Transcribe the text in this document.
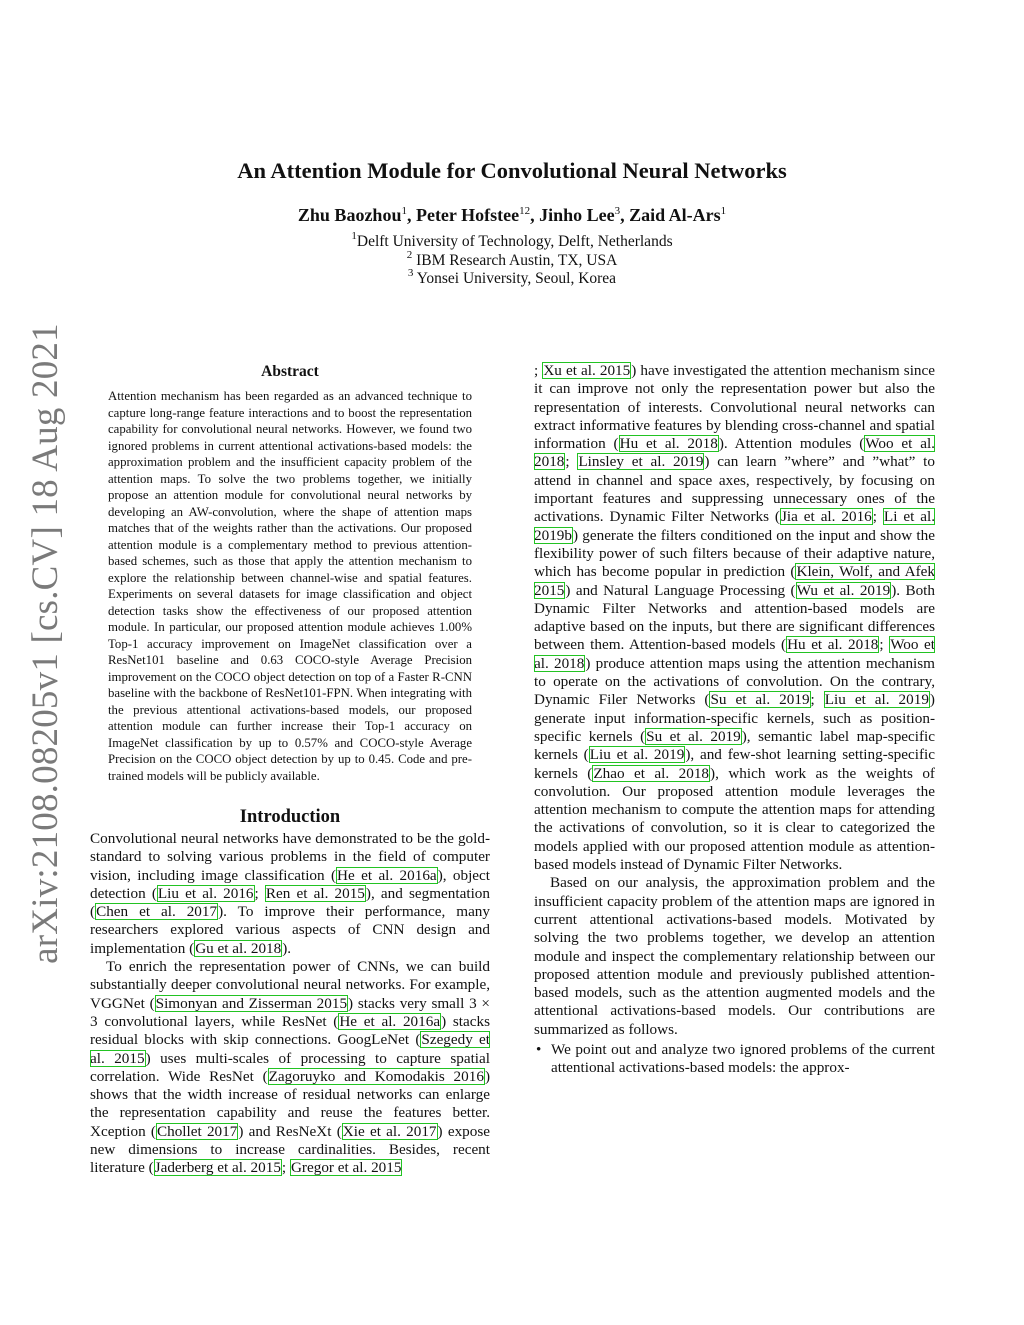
arXiv:2108.08205v1 [cs.CV] 18 Aug 2021
An Attention Module for Convolutional Neural Networks
Zhu Baozhou$^1$, Peter Hofstee$^{12}$, Jinho Lee$^3$, Zaid Al-Ars$^1$
$^1$Delft University of Technology, Delft, Netherlands
$^2$ IBM Research Austin, TX, USA
$^3$ Yonsei University, Seoul, Korea
Abstract

Attention mechanism has been regarded as an advanced technique to capture long-range feature interactions and to boost the representation capability for convolutional neural networks. However, we found two ignored problems in current attentional activations-based models: the approximation problem and the insufficient capacity problem of the attention maps. To solve the two problems together, we initially propose an attention module for convolutional neural networks by developing an AW-convolution, where the shape of attention maps matches that of the weights rather than the activations. Our proposed attention module is a complementary method to previous attention-based schemes, such as those that apply the attention mechanism to explore the relationship between channel-wise and spatial features. Experiments on several datasets for image classification and object detection tasks show the effectiveness of our proposed attention module. In particular, our proposed attention module achieves 1.00% Top-1 accuracy improvement on ImageNet classification over a ResNet101 baseline and 0.63 COCO-style Average Precision improvement on the COCO object detection on top of a Faster R-CNN baseline with the backbone of ResNet101-FPN. When integrating with the previous attentional activations-based models, our proposed attention module can further increase their Top-1 accuracy on ImageNet classification by up to 0.57% and COCO-style Average Precision on the COCO object detection by up to 0.45. Code and pre-trained models will be publicly available.

Introduction

Convolutional neural networks have demonstrated to be the gold-standard to solving various problems in the field of computer vision, including image classification (He et al. 2016a), object detection (Liu et al. 2016; Ren et al. 2015), and segmentation (Chen et al. 2017). To improve their performance, many researchers explored various aspects of CNN design and implementation (Gu et al. 2018).

To enrich the representation power of CNNs, we can build substantially deeper convolutional neural networks. For example, VGGNet (Simonyan and Zisserman 2015) stacks very small 3 × 3 convolutional layers, while ResNet (He et al. 2016a) stacks residual blocks with skip connections. GoogLeNet (Szegedy et al. 2015) uses multi-scales of processing to capture spatial correlation. Wide ResNet (Zagoruyko and Komodakis 2016) shows that the width increase of residual networks can enlarge the representation capability and reuse the features better. Xception (Chollet 2017) and ResNeXt (Xie et al. 2017) expose new dimensions to increase cardinalities. Besides, recent literature (Jaderberg et al. 2015; Gregor et al. 2015

; Xu et al. 2015) have investigated the attention mechanism since it can improve not only the representation power but also the representation of interests. Convolutional neural networks can extract informative features by blending cross-channel and spatial information (Hu et al. 2018). Attention modules (Woo et al. 2018; Linsley et al. 2019) can learn ”where” and ”what” to attend in channel and space axes, respectively, by focusing on important features and suppressing unnecessary ones of the activations. Dynamic Filter Networks (Jia et al. 2016; Li et al. 2019b) generate the filters conditioned on the input and show the flexibility power of such filters because of their adaptive nature, which has become popular in prediction (Klein, Wolf, and Afek 2015) and Natural Language Processing (Wu et al. 2019). Both Dynamic Filter Networks and attention-based models are adaptive based on the inputs, but there are significant differences between them. Attention-based models (Hu et al. 2018; Woo et al. 2018) produce attention maps using the attention mechanism to operate on the activations of convolution. On the contrary, Dynamic Filer Networks (Su et al. 2019; Liu et al. 2019) generate input information-specific kernels, such as position-specific kernels (Su et al. 2019), semantic label map-specific kernels (Liu et al. 2019), and few-shot learning setting-specific kernels (Zhao et al. 2018), which work as the weights of convolution. Our proposed attention module leverages the attention mechanism to compute the attention maps for attending the activations of convolution, so it is clear to categorized the models applied with our proposed attention module as attention-based models instead of Dynamic Filter Networks.

Based on our analysis, the approximation problem and the insufficient capacity problem of the attention maps are ignored in current attentional activations-based models. Motivated by solving the two problems together, we develop an attention module and inspect the complementary relationship between our proposed attention module and previously published attention-based models, such as the attention augmented models and the attentional activations-based models. Our contributions are summarized as follows.

• We point out and analyze two ignored problems of the current attentional activations-based models: the approx-
